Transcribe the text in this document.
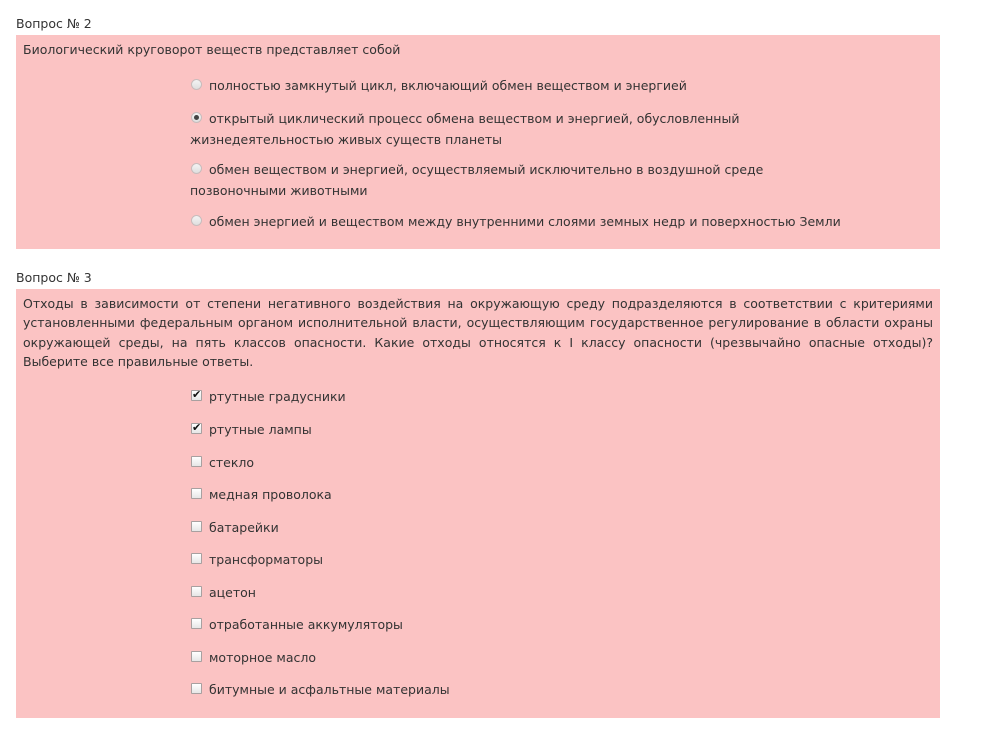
Вопрос № 2
Биологический круговорот веществ представляет собой
полностью замкнутый цикл, включающий обмен веществом и энергией
открытый циклический процесс обмена веществом и энергией, обусловленный
жизнедеятельностью живых существ планеты
обмен веществом и энергией, осуществляемый исключительно в воздушной среде
позвоночными животными
обмен энергией и веществом между внутренними слоями земных недр и поверхностью Земли
Вопрос № 3
Отходы в зависимости от степени негативного воздействия на окружающую среду подразделяются в соответствии с критериями установленными федеральным органом исполнительной власти, осуществляющим государственное регулирование в области охраны окружающей среды, на пять классов опасности. Какие отходы относятся к I классу опасности (чрезвычайно опасные отходы)? Выберите все правильные ответы.
✔ ртутные градусники
✔ ртутные лампы
стекло
медная проволока
батарейки
трансформаторы
ацетон
отработанные аккумуляторы
моторное масло
битумные и асфальтные материалы
